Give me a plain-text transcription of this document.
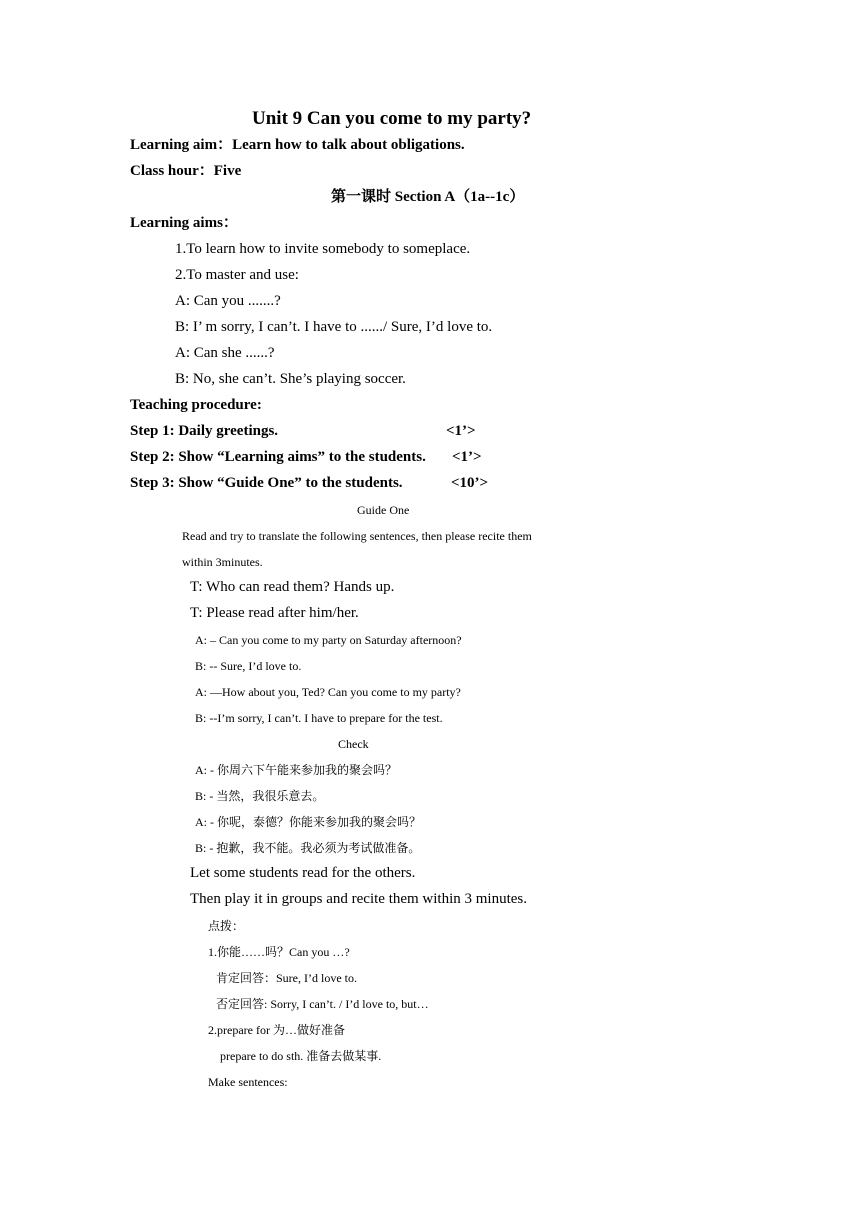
Unit 9 Can you come to my party?
Learning aim：Learn how to talk about obligations.
Class hour：Five
第一课时 Section A（1a--1c）
Learning aims：
1.To learn how to invite somebody to someplace.
2.To master and use:
A: Can you .......?
B: I’ m sorry, I can’t. I have to ....../ Sure, I’d love to.
A: Can she ......?
B: No, she can’t. She’s playing soccer.
Teaching procedure:
Step 1: Daily greetings.	<1’>
Step 2: Show “Learning aims” to the students. <1’>
Step 3: Show “Guide One” to the students.	<10’>
Guide One
Read and try to translate the following sentences, then please recite them
within 3minutes.
T: Who can read them? Hands up.
T: Please read after him/her.
A: – Can you come to my party on Saturday afternoon?
B: -- Sure, I’d love to.
A: —How about you, Ted? Can you come to my party?
B: --I’m sorry, I can’t. I have to prepare for the test.
Check
A: - 你周六下午能来参加我的聚会吗？
B: - 当然，我很乐意去。
A: - 你呢，泰德？你能来参加我的聚会吗？
B: - 抱歉，我不能。我必须为考试做准备。
Let some students read for the others.
Then play it in groups and recite them within 3 minutes.
点拨：
1.你能……吗？Can you …?
肯定回答：Sure, I’d love to.
否定回答: Sorry, I can’t. / I’d love to, but…
2.prepare for 为…做好准备
prepare to do sth. 准备去做某事.
Make sentences:
